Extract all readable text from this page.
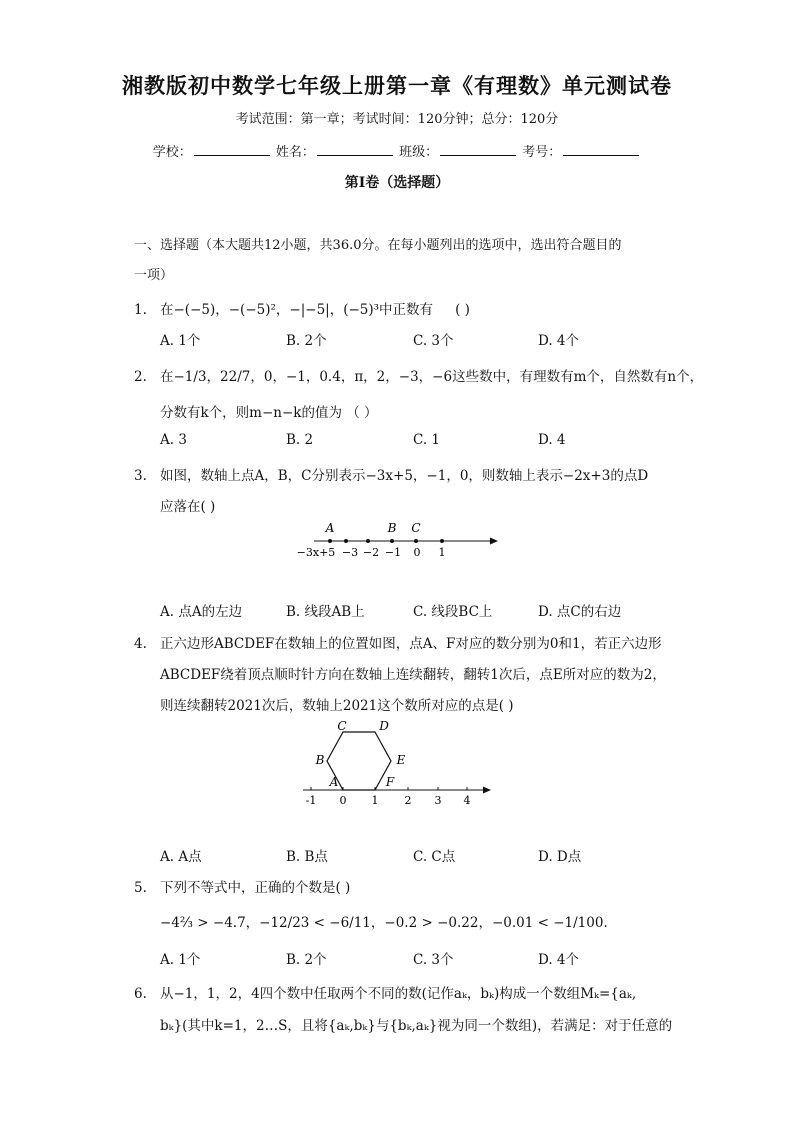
湘教版初中数学七年级上册第一章《有理数》单元测试卷
考试范围：第一章；考试时间：120分钟；总分：120分
学校：	姓名：	班级：	考号：
第I卷（选择题）
一、选择题（本大题共12小题，共36.0分。在每小题列出的选项中，选出符合题目的
一项）
1. 在−(−5)，−(−5)²，−|−5|，(−5)³中正数有 ( )
A. 1个	B. 2个	C. 3个	D. 4个
2. 在−1/3，22/7，0，−1，0.4，π，2，−3，−6这些数中，有理数有m个，自然数有n个，
分数有k个，则m−n−k的值为 （ ）
A. 3	B. 2	C. 1	D. 4
3. 如图，数轴上点A，B，C分别表示−3x+5，−1，0，则数轴上表示−2x+3的点D
应落在( )
A	B C
−3x+5 −3 −2 −1 0 1
A. 点A的左边	B. 线段AB上	C. 线段BC上	D. 点C的右边
4. 正六边形ABCDEF在数轴上的位置如图，点A、F对应的数分别为0和1，若正六边形
ABCDEF绕着顶点顺时针方向在数轴上连续翻转，翻转1次后，点E所对应的数为2，
则连续翻转2021次后，数轴上2021这个数所对应的点是( )
A
B
C	D
E
F
-1 0 1 2 3 4
A. A点	B. B点	C. C点	D. D点
5. 下列不等式中，正确的个数是( )
−4⅔ > −4.7，−12/23 < −6/11，−0.2̇ > −0.22，−0.01 < −1/100.
A. 1个	B. 2个	C. 3个	D. 4个
6. 从−1，1，2，4四个数中任取两个不同的数(记作aₖ，bₖ)构成一个数组Mₖ={aₖ,
bₖ}(其中k=1，2…S，且将{aₖ,bₖ}与{bₖ,aₖ}视为同一个数组)，若满足：对于任意的
